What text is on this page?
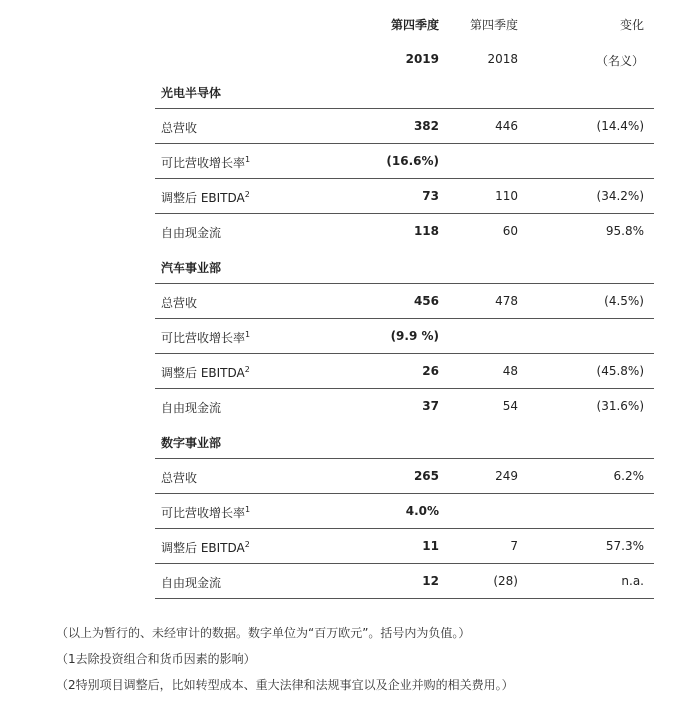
第四季度	第四季度	变化
2019	2018	（名义）
光电半导体
总营收	382	446	(14.4%)
可比营收增长率$^1$	(16.6%)
调整后 EBITDA$^2$	73	110	(34.2%)
自由现金流	118	60	95.8%
汽车事业部
总营收	456	478	(4.5%)
可比营收增长率$^1$	(9.9 %)
调整后 EBITDA$^2$	26	48	(45.8%)
自由现金流	37	54	(31.6%)
数字事业部
总营收	265	249	6.2%
可比营收增长率$^1$	4.0%
调整后 EBITDA$^2$	11	7	57.3%
自由现金流	12	(28)	n.a.
（以上为暂行的、未经审计的数据。数字单位为“百万欧元”。括号内为负值。）
（1去除投资组合和货币因素的影响）
（2特别项目调整后，比如转型成本、重大法律和法规事宜以及企业并购的相关费用。）
